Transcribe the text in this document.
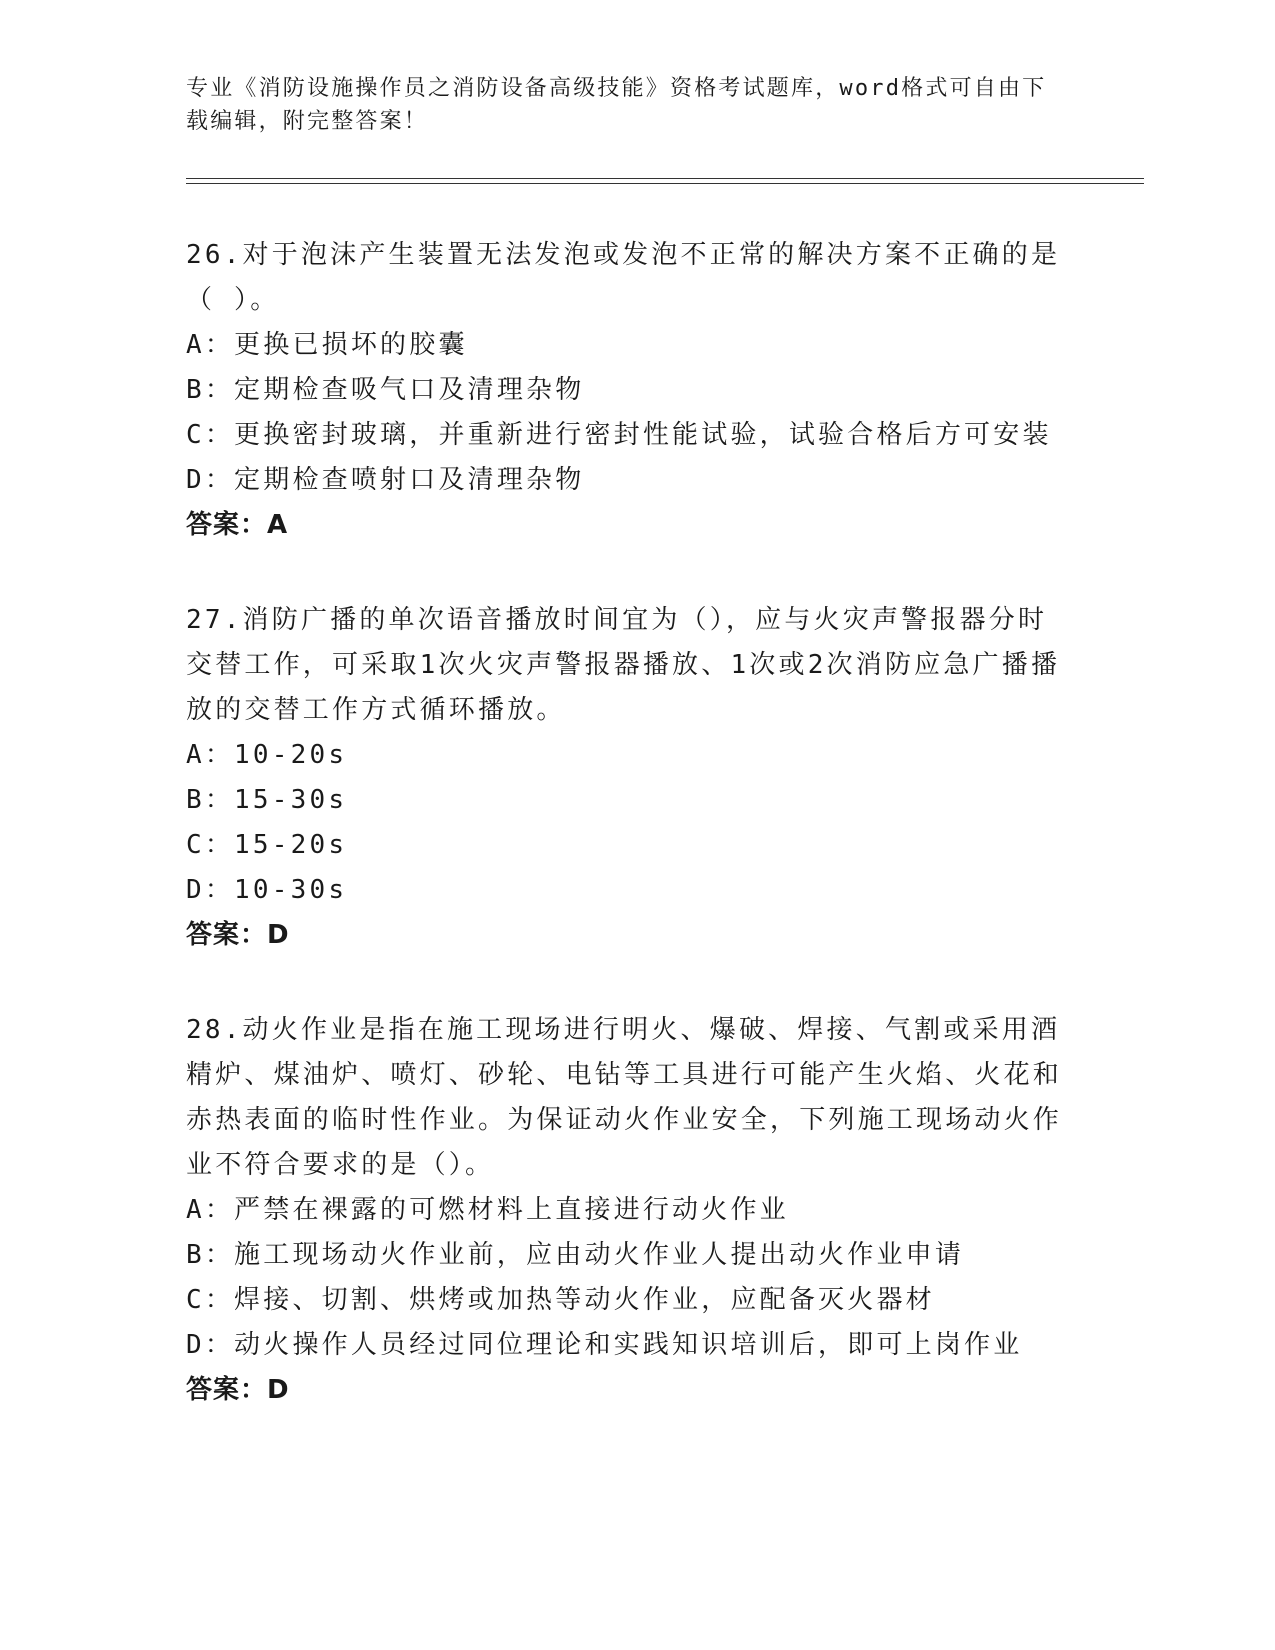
专业《消防设施操作员之消防设备高级技能》资格考试题库，word格式可自由下载编辑，附完整答案！

26.对于泡沫产生装置无法发泡或发泡不正常的解决方案不正确的是（ ）。

A：更换已损坏的胶囊

B：定期检查吸气口及清理杂物

C：更换密封玻璃，并重新进行密封性能试验，试验合格后方可安装

D：定期检查喷射口及清理杂物

答案：A

27.消防广播的单次语音播放时间宜为（），应与火灾声警报器分时交替工作，可采取1次火灾声警报器播放、1次或2次消防应急广播播放的交替工作方式循环播放。

A：10-20s

B：15-30s

C：15-20s

D：10-30s

答案：D

28.动火作业是指在施工现场进行明火、爆破、焊接、气割或采用酒精炉、煤油炉、喷灯、砂轮、电钻等工具进行可能产生火焰、火花和赤热表面的临时性作业。为保证动火作业安全，下列施工现场动火作业不符合要求的是（）。

A：严禁在裸露的可燃材料上直接进行动火作业

B：施工现场动火作业前，应由动火作业人提出动火作业申请

C：焊接、切割、烘烤或加热等动火作业，应配备灭火器材

D：动火操作人员经过同位理论和实践知识培训后，即可上岗作业

答案：D
